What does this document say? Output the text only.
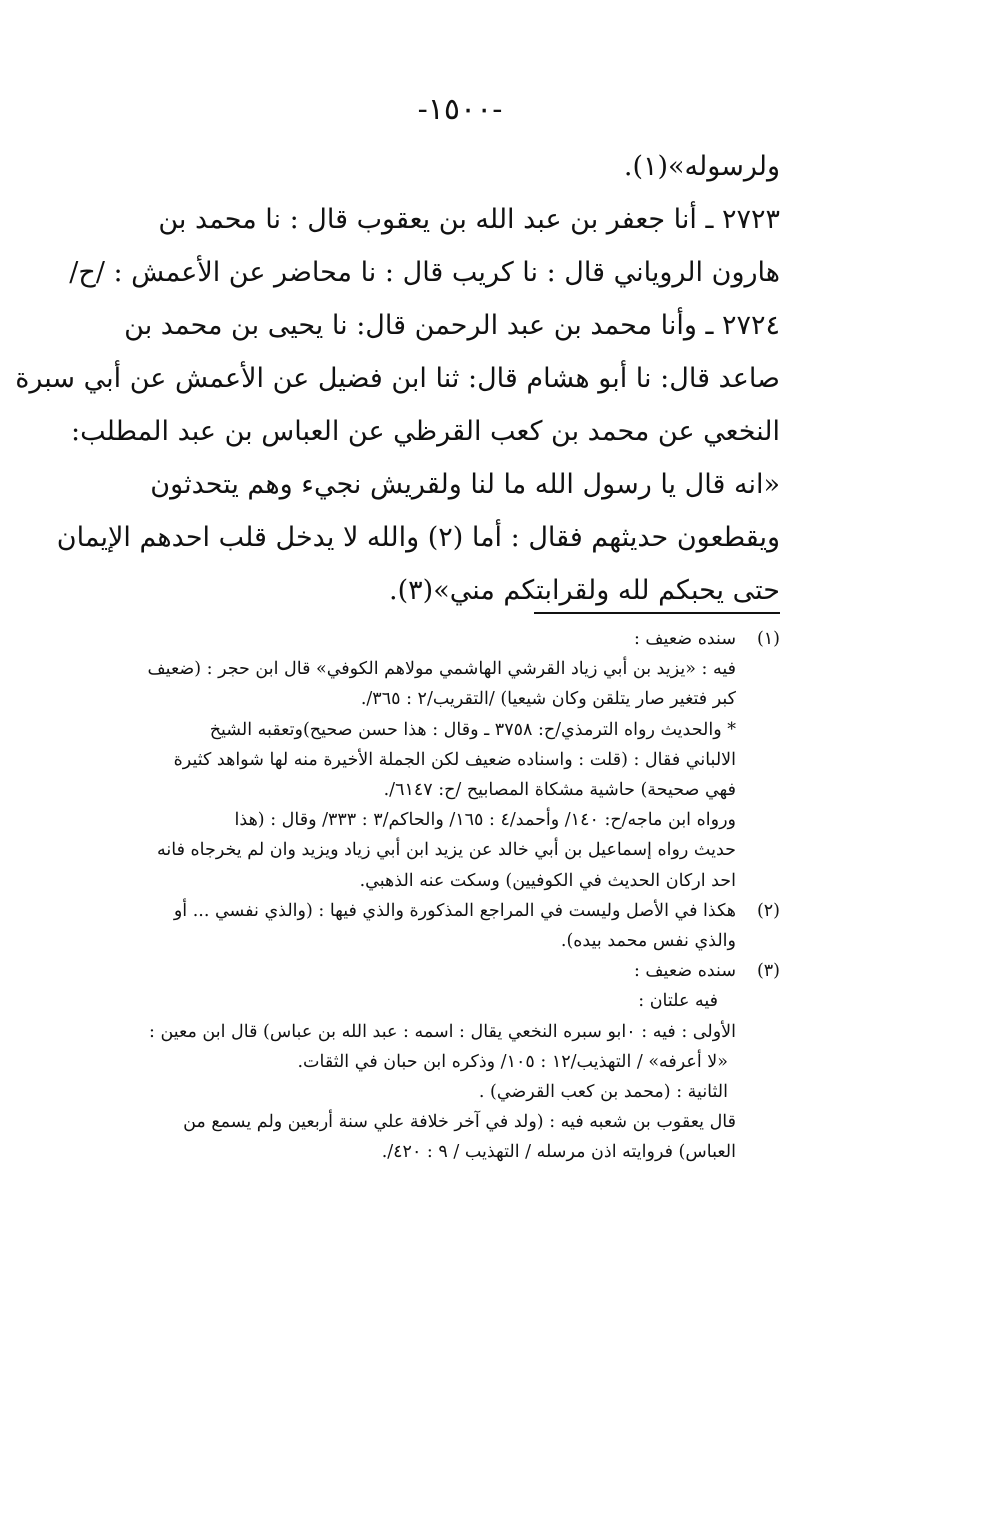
-١٥٠٠-
ولرسوله»(١).
٢٧٢٣ ـ أنا جعفر بن عبد الله بن يعقوب قال : نا محمد بن
هارون الروياني قال : نا كريب قال : نا محاضر عن الأعمش : /ح/
٢٧٢٤ ـ وأنا محمد بن عبد الرحمن قال: نا يحيى بن محمد بن
صاعد قال: نا أبو هشام قال: ثنا ابن فضيل عن الأعمش عن أبي سبرة
النخعي عن محمد بن كعب القرظي عن العباس بن عبد المطلب:
«انه قال يا رسول الله ما لنا ولقريش نجيء وهم يتحدثون
ويقطعون حديثهم فقال : أما (٢) والله لا يدخل قلب احدهم الإيمان
حتى يحبكم لله ولقرابتكم مني»(٣).
(١)سنده ضعيف :
فيه : «يزيد بن أبي زياد القرشي الهاشمي مولاهم الكوفي» قال ابن حجر : (ضعيف
كبر فتغير صار يتلقن وكان شيعيا) /التقريب/٢ : ٣٦٥/.
* والحديث رواه الترمذي/ح: ٣٧٥٨ ـ وقال : هذا حسن صحيح)وتعقبه الشيخ
الالباني فقال : (قلت : واسناده ضعيف لكن الجملة الأخيرة منه لها شواهد كثيرة
فهي صحيحة) حاشية مشكاة المصابيح /ح: ٦١٤٧/.
ورواه ابن ماجه/ح: ١٤٠/ وأحمد/٤ : ١٦٥/ والحاكم/٣ : ٣٣٣/ وقال : (هذا
حديث رواه إسماعيل بن أبي خالد عن يزيد ابن أبي زياد ويزيد وان لم يخرجاه فانه
احد اركان الحديث في الكوفيين) وسكت عنه الذهبي.
(٢)هكذا في الأصل وليست في المراجع المذكورة والذي فيها : (والذي نفسي ... أو
والذي نفس محمد بيده).
(٣)سنده ضعيف :
فيه علتان :
الأولى : فيه : ٠ابو سبره النخعي يقال : اسمه : عبد الله بن عباس) قال ابن معين :
«لا أعرفه» / التهذيب/١٢ : ١٠٥/ وذكره ابن حبان في الثقات.
الثانية : (محمد بن كعب القرضي) .
قال يعقوب بن شعبه فيه : (ولد في آخر خلافة علي سنة أربعين ولم يسمع من
العباس) فروايته اذن مرسله / التهذيب / ٩ : ٤٢٠/.
